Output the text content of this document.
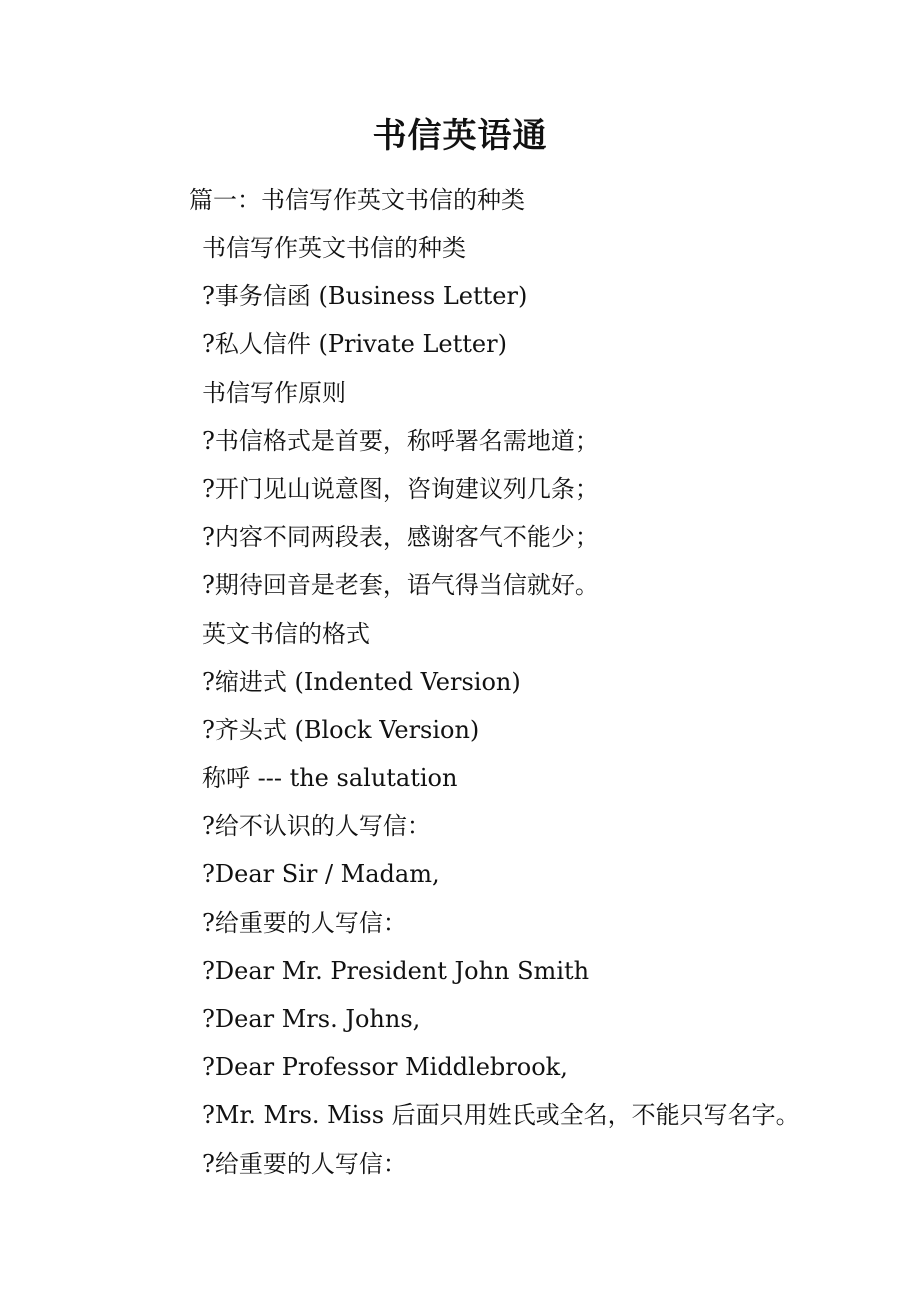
书信英语通
篇一：书信写作英文书信的种类
书信写作英文书信的种类
?事务信函 (Business Letter)
?私人信件 (Private Letter)
书信写作原则
?书信格式是首要，称呼署名需地道；
?开门见山说意图，咨询建议列几条；
?内容不同两段表，感谢客气不能少；
?期待回音是老套，语气得当信就好。
英文书信的格式
?缩进式 (Indented Version)
?齐头式 (Block Version)
称呼 --- the salutation
?给不认识的人写信：
?Dear Sir / Madam,
?给重要的人写信：
?Dear Mr. President John Smith
?Dear Mrs. Johns,
?Dear Professor Middlebrook,
?Mr. Mrs. Miss 后面只用姓氏或全名，不能只写名字。
?给重要的人写信：
